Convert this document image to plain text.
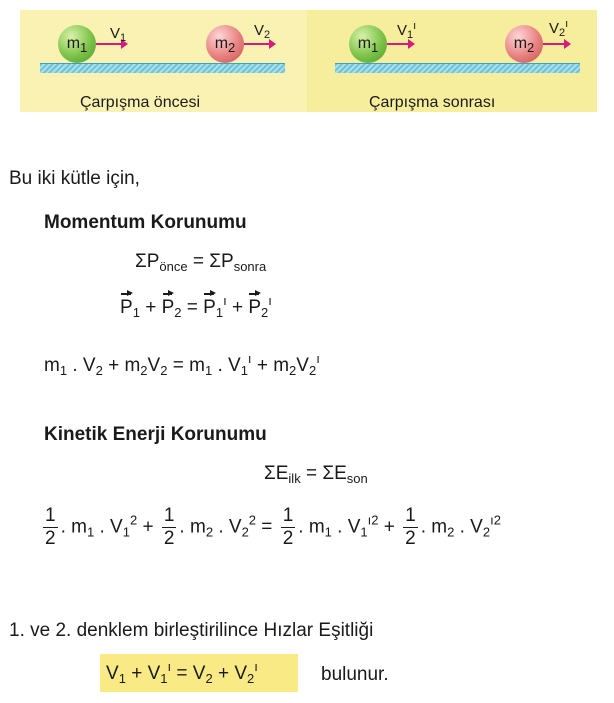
$m_1$
$V_1$	$m_2$
$V_2$
Çarpışma öncesi
$m_1$
$V_1^ı$
$m_2$
$V_2^ı$
Çarpışma sonrası
Bu iki kütle için,
Momentum Korunumu
$\Sigma P_{önce} = \Sigma P_{sonra}$
$P_1 + P_2 = P_1^ı + P_2^ı$
$m_1$ . $V_2 + m_2V_2 = m_1$ . $V_1^ı + m_2V_2^ı$
Kinetik Enerji Korunumu
$\Sigma E_{ilk} = \Sigma E_{son}$
$\frac{1}{2}$ . $m_1$ . $V_1^2 + \frac{1}{2}$ . $m_2$ . $V_2^2 = \frac{1}{2}$ . $m_1$ . $V_1^{ı2} + \frac{1}{2}$ . $m_2$ . $V_2^{ı2}$
1. ve 2. denklem birleştirilince Hızlar Eşitliği
$V_1 + V_1^ı = V_2 + V_2^ı$	bulunur.
